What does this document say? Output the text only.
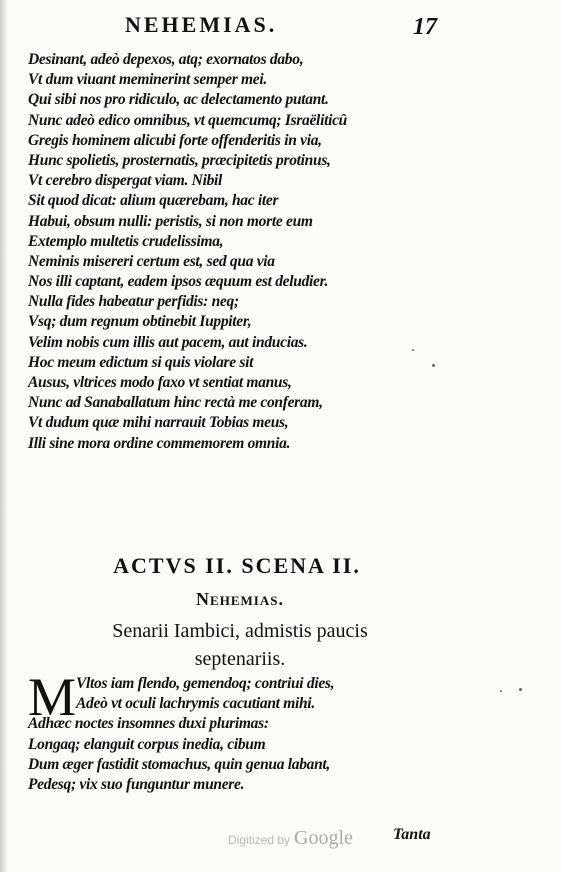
NEHEMIAS.	17
Desinant, adeò depexos, atq; exornatos dabo,
Vt dum viuant meminerint semper mei.
Qui sibi nos pro ridiculo, ac delectamento putant.
Nunc adeò edico omnibus, vt quemcumq; Israëliticû
Gregis hominem alicubi forte offenderitis in via,
Hunc spolietis, prosternatis, præcipitetis protinus,
Vt cerebro dispergat viam. Nibil
Sit quod dicat: alium quærebam, hac iter
Habui, obsum nulli: peristis, si non morte eum
Extemplo multetis crudelissima,
Neminis misereri certum est, sed qua via
Nos illi captant, eadem ipsos æquum est deludier.
Nulla fides habeatur perfidis: neq;
Vsq; dum regnum obtinebit Iuppiter,
Velim nobis cum illis aut pacem, aut inducias.
Hoc meum edictum si quis violare sit
Ausus, vltrices modo faxo vt sentiat manus,
Nunc ad Sanaballatum hinc rectà me conferam,
Vt dudum quæ mihi narrauit Tobias meus,
Illi sine mora ordine commemorem omnia.
ACTVS II. SCENA II.
Nehemias.
Senarii Iambici, admistis paucis
septenariis.
M Vltos iam flendo, gemendoq; contriui dies,
Adeò vt oculi lachrymis cacutiant mihi.
Adhæc noctes insomnes duxi plurimas:
Longaq; elanguit corpus inedia, cibum
Dum æger fastidit stomachus, quin genua labant,
Pedesq; vix suo funguntur munere.
Digitized by Google	Tanta
